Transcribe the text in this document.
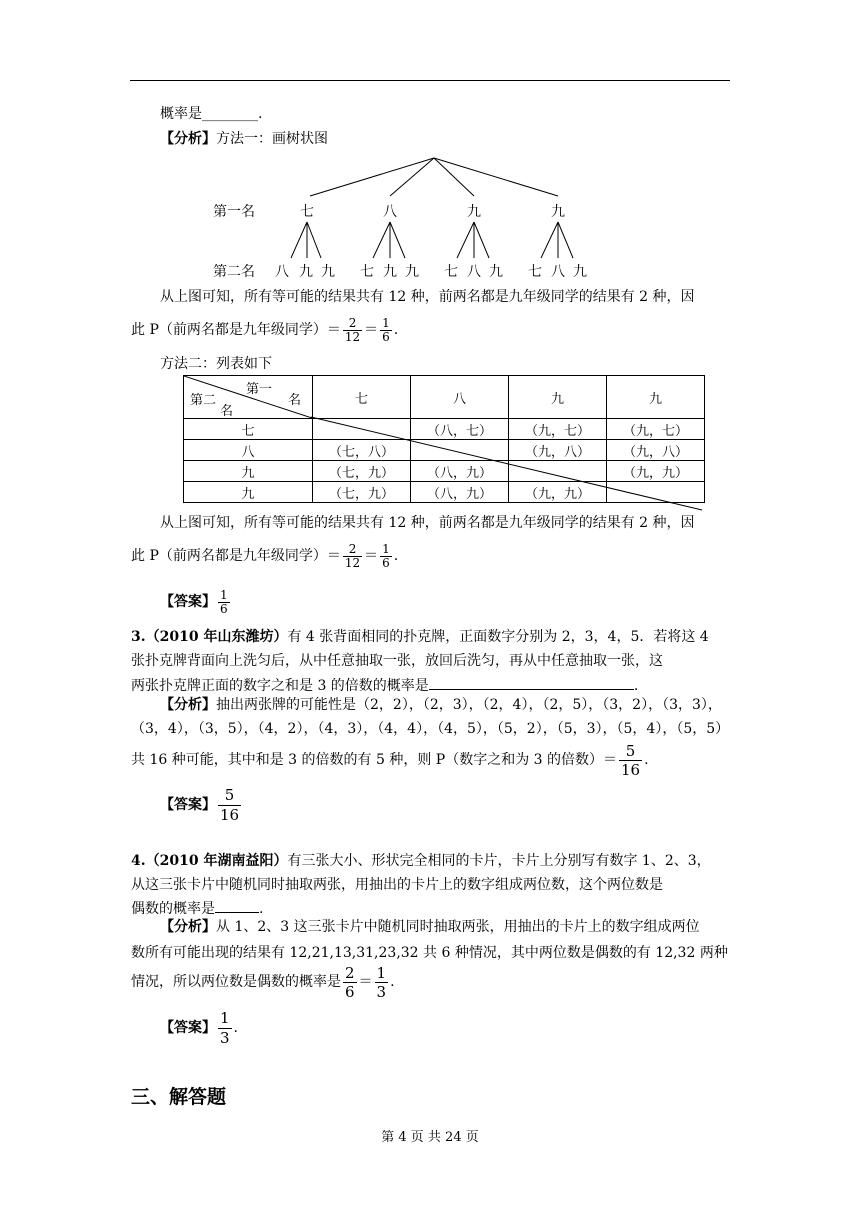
概率是________.
【分析】方法一：画树状图
第一名	七	八	九	九
第二名 八 九 九 七 九 九 七 八 九 七 八 九
从上图可知，所有等可能的结果共有 12 种，前两名都是九年级同学的结果有 2 种，因
此 P（前两名都是九年级同学）＝ $\frac{2}{12} = \frac{1}{6}$ .
方法二：列表如下
第一
名
第二
名	七	八	九	九
七		（八，七）	（九，七）	（九，七）
八	（七，八）		（九，八）	（九，八）
九	（七，九）	（八，九）		（九，九）
九	（七，九）	（八，九）	（九，九）	
从上图可知，所有等可能的结果共有 12 种，前两名都是九年级同学的结果有 2 种，因
此 P（前两名都是九年级同学）＝ $\frac{2}{12} = \frac{1}{6}$ .
【答案】 $\frac{1}{6}$
3.（2010 年山东潍坊）有 4 张背面相同的扑克牌，正面数字分别为 2，3，4，5．若将这 4
张扑克牌背面向上洗匀后，从中任意抽取一张，放回后洗匀，再从中任意抽取一张，这
两张扑克牌正面的数字之和是 3 的倍数的概率是	.
【分析】抽出两张牌的可能性是（2，2），（2，3），（2，4），（2，5），（3，2），（3，3），
（3，4），（3，5），（4，2），（4，3），（4，4），（4，5），（5，2），（5，3），（5，4），（5，5）
共 16 种可能，其中和是 3 的倍数的有 5 种，则 P（数字之和为 3 的倍数）＝ $\frac{5}{16}$ .
【答案】 $\frac{5}{16}$
4.（2010 年湖南益阳）有三张大小、形状完全相同的卡片，卡片上分别写有数字 1、2、3，
从这三张卡片中随机同时抽取两张，用抽出的卡片上的数字组成两位数，这个两位数是
偶数的概率是	.
【分析】从 1、2、3 这三张卡片中随机同时抽取两张，用抽出的卡片上的数字组成两位
数所有可能出现的结果有 12,21,13,31,23,32 共 6 种情况，其中两位数是偶数的有 12,32 两种
情况，所以两位数是偶数的概率是 $\frac{2}{6} = \frac{1}{3}$ .
【答案】 $\frac{1}{3}$ .
三、解答题
第 4 页 共 24 页
